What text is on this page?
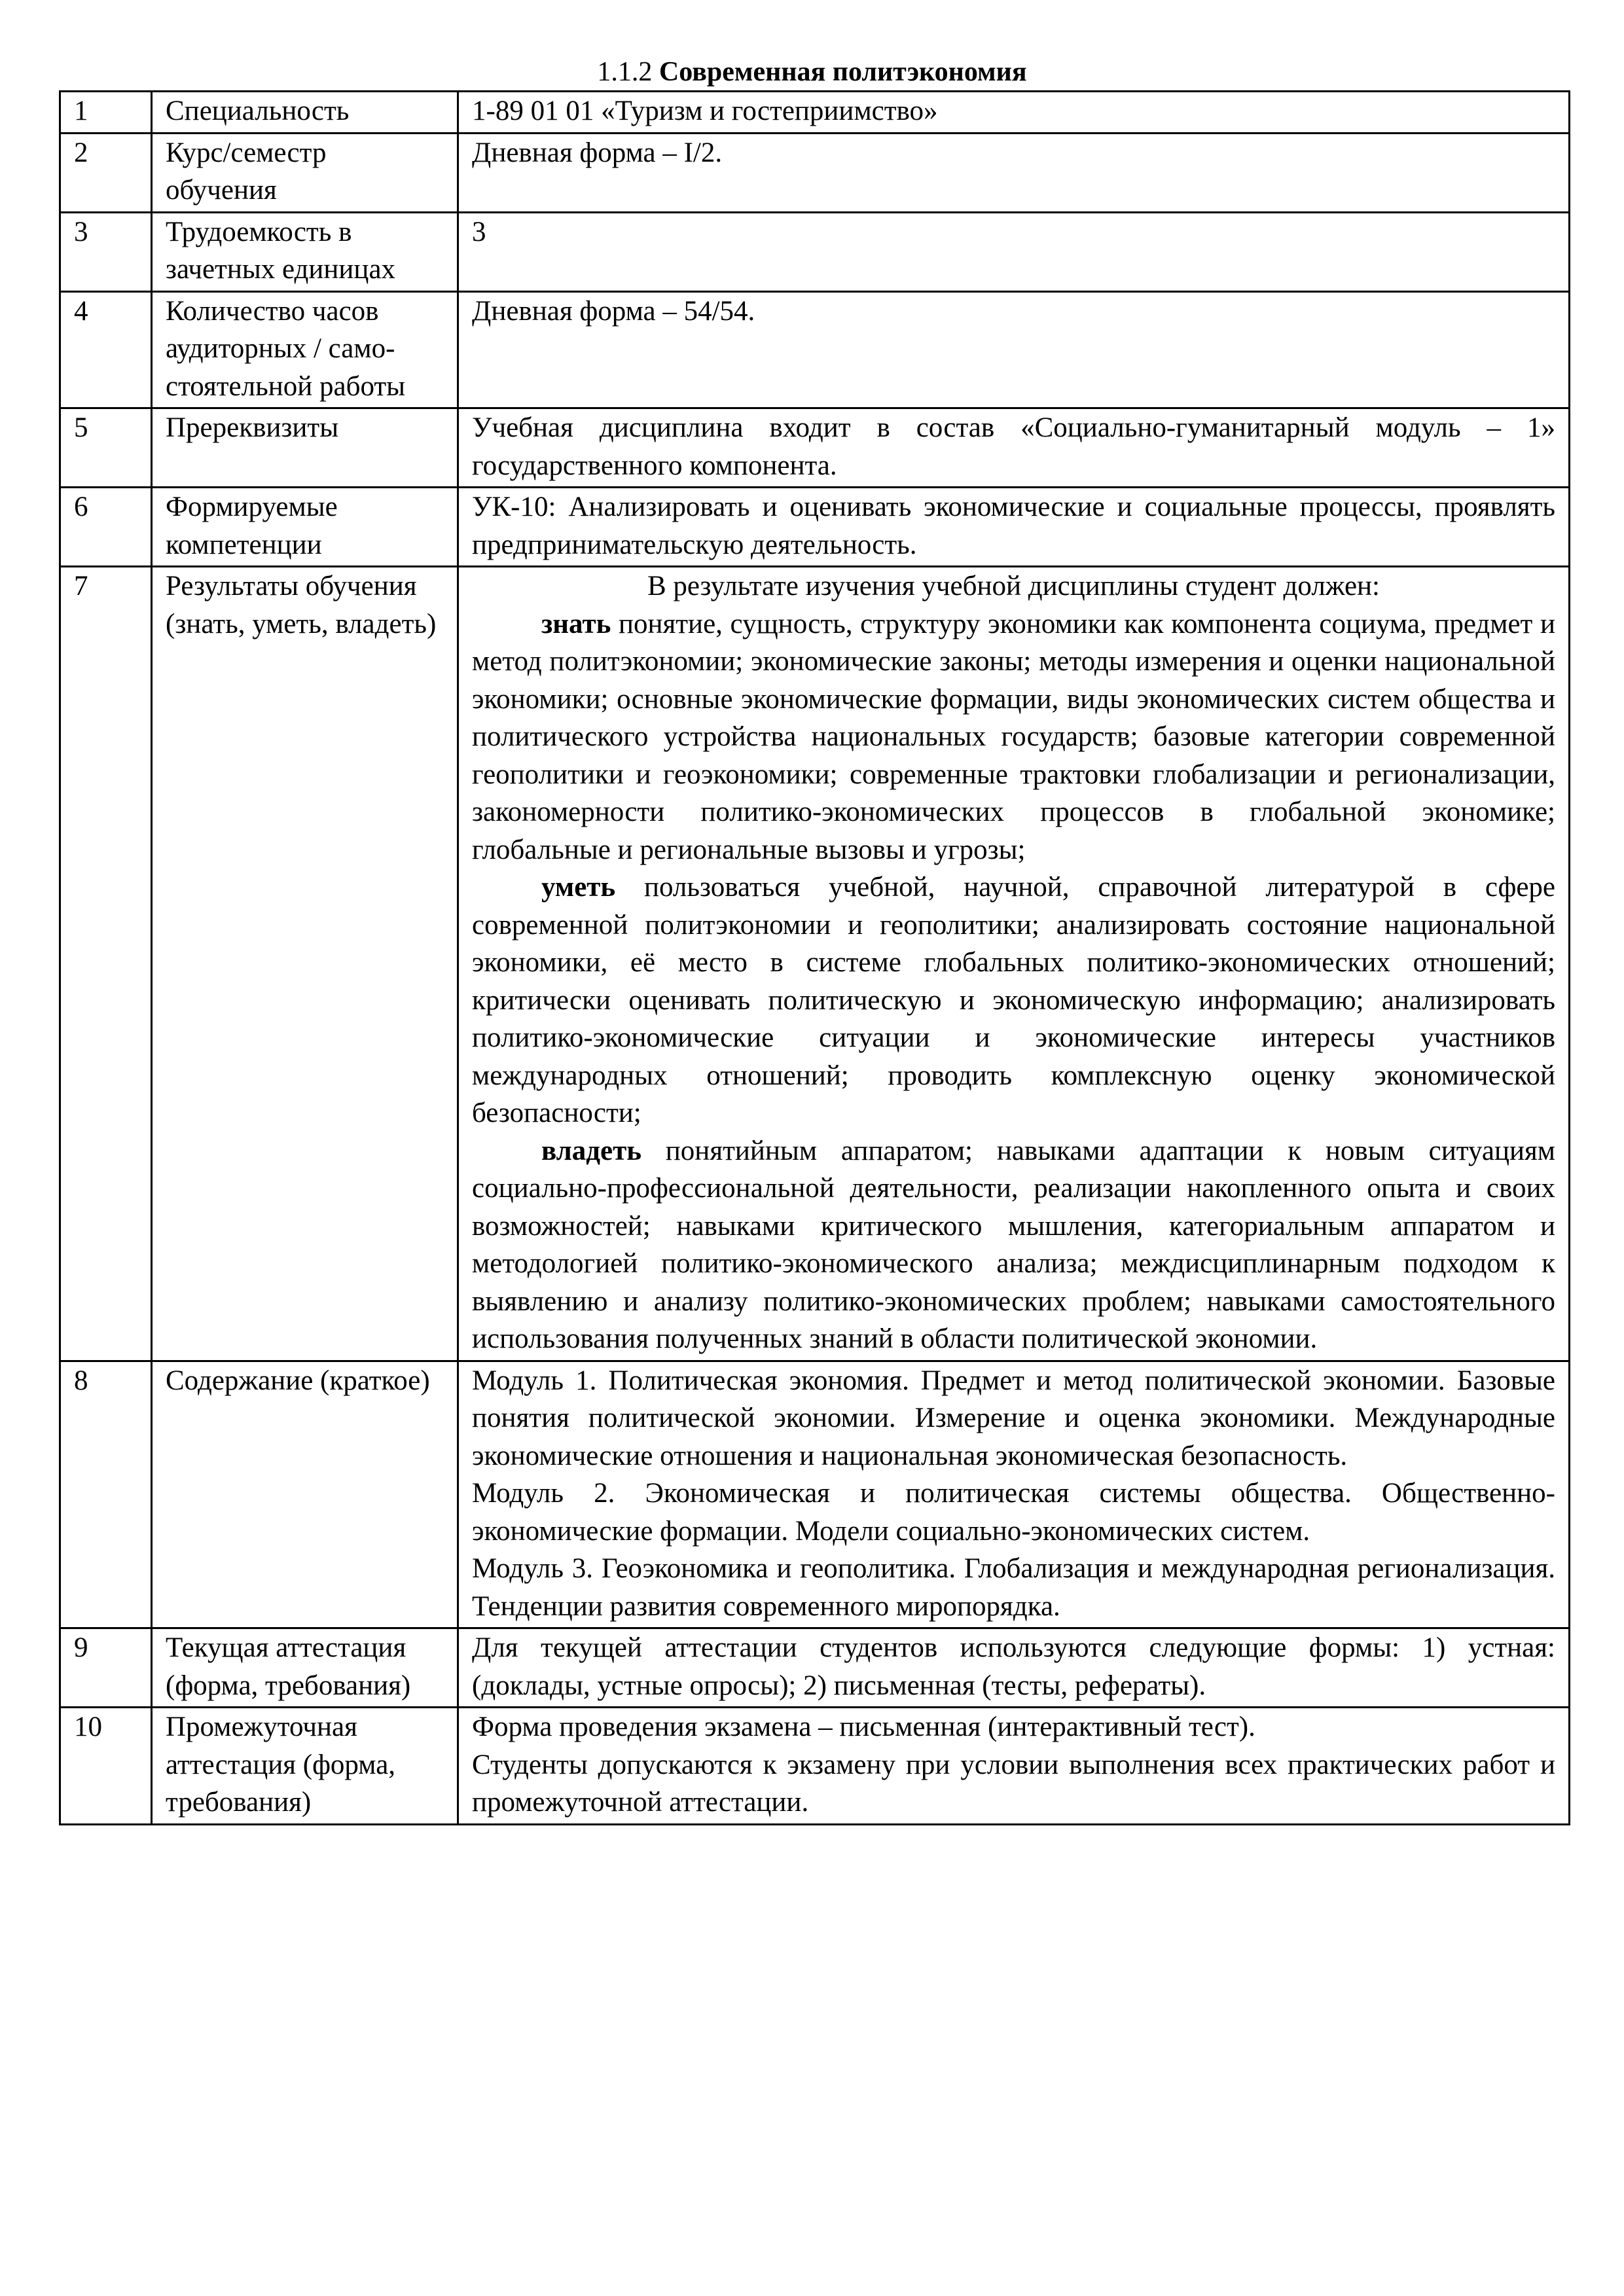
1.1.2 Современная политэкономия
1	Специальность	1-89 01 01 «Туризм и гостеприимство»
2	Курс/семестр обучения	Дневная форма – I/2.
3	Трудоемкость в зачетных единицах	3
4	Количество часов аудиторных / само-стоятельной работы	Дневная форма – 54/54.
5	Пререквизиты	Учебная дисциплина входит в состав «Социально-гуманитарный модуль – 1» государственного компонента.
6	Формируемые компетенции	УК-10: Анализировать и оценивать экономические и социальные процессы, проявлять предпринимательскую деятельность.
7	Результаты обучения (знать, уметь, владеть)	В результате изучения учебной дисциплины студент должен:

знать понятие, сущность, структуру экономики как компонента социума, предмет и метод политэкономии; экономические законы; методы измерения и оценки национальной экономики; основные экономические формации, виды экономических систем общества и политического устройства национальных государств; базовые категории современной геополитики и геоэкономики; современные трактовки глобализации и регионализации, закономерности политико-экономических процессов в глобальной экономике; глобальные и региональные вызовы и угрозы;

уметь пользоваться учебной, научной, справочной литературой в сфере современной политэкономии и геополитики; анализировать состояние национальной экономики, её место в системе глобальных политико-экономических отношений; критически оценивать политическую и экономическую информацию; анализировать политико-экономические ситуации и экономические интересы участников международных отношений; проводить комплексную оценку экономической безопасности;

владеть понятийным аппаратом; навыками адаптации к новым ситуациям социально-профессиональной деятельности, реализации накопленного опыта и своих возможностей; навыками критического мышления, категориальным аппаратом и методологией политико-экономического анализа; междисциплинарным подходом к выявлению и анализу политико-экономических проблем; навыками самостоятельного использования полученных знаний в области политической экономии.

8	Содержание (краткое)	Модуль 1. Политическая экономия. Предмет и метод политической экономии. Базовые понятия политической экономии. Измерение и оценка экономики. Международные экономические отношения и национальная экономическая безопасность.

Модуль 2. Экономическая и политическая системы общества. Общественно-экономические формации. Модели социально-экономических систем.

Модуль 3. Геоэкономика и геополитика. Глобализация и международная регионализация. Тенденции развития современного миропорядка.

9	Текущая аттестация (форма, требования)	Для текущей аттестации студентов используются следующие формы: 1) устная: (доклады, устные опросы); 2) письменная (тесты, рефераты).
10	Промежуточная аттестация (форма, требования)	Форма проведения экзамена – письменная (интерактивный тест).

Студенты допускаются к экзамену при условии выполнения всех практических работ и промежуточной аттестации.
